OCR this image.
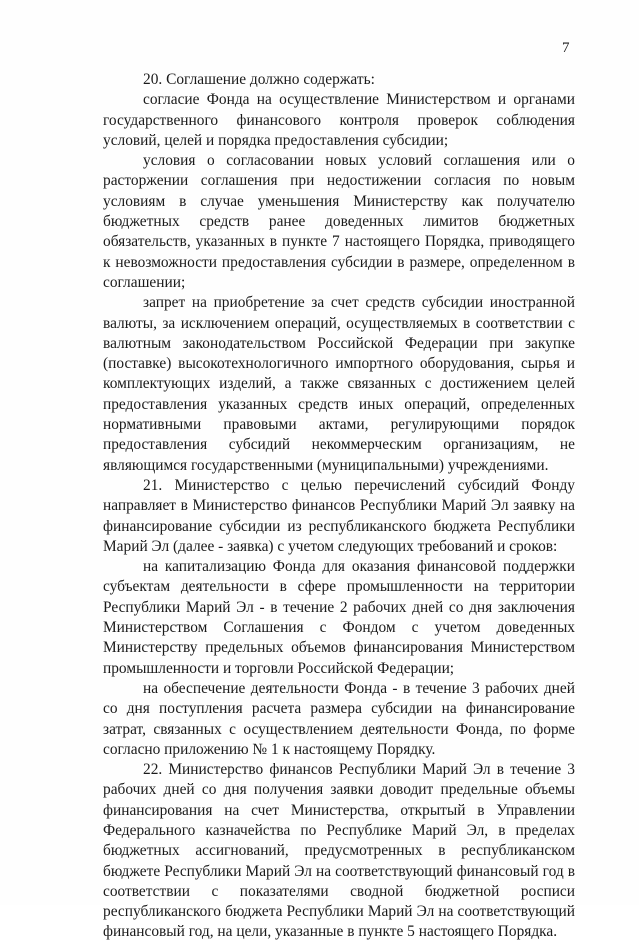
7

20. Соглашение должно содержать:

согласие Фонда на осуществление Министерством и органами государственного финансового контроля проверок соблюдения условий, целей и порядка предоставления субсидии;

условия о согласовании новых условий соглашения или о расторжении соглашения при недостижении согласия по новым условиям в случае уменьшения Министерству как получателю бюджетных средств ранее доведенных лимитов бюджетных обязательств, указанных в пункте 7 настоящего Порядка, приводящего к невозможности предоставления субсидии в размере, определенном в соглашении;

запрет на приобретение за счет средств субсидии иностранной валюты, за исключением операций, осуществляемых в соответствии с валютным законодательством Российской Федерации при закупке (поставке) высокотехнологичного импортного оборудования, сырья и комплектующих изделий, а также связанных с достижением целей предоставления указанных средств иных операций, определенных нормативными правовыми актами, регулирующими порядок предоставления субсидий некоммерческим организациям, не являющимся государственными (муниципальными) учреждениями.

21. Министерство с целью перечислений субсидий Фонду направляет в Министерство финансов Республики Марий Эл заявку на финансирование субсидии из республиканского бюджета Республики Марий Эл (далее - заявка) с учетом следующих требований и сроков:

на капитализацию Фонда для оказания финансовой поддержки субъектам деятельности в сфере промышленности на территории Республики Марий Эл - в течение 2 рабочих дней со дня заключения Министерством Соглашения с Фондом с учетом доведенных Министерству предельных объемов финансирования Министерством промышленности и торговли Российской Федерации;

на обеспечение деятельности Фонда - в течение 3 рабочих дней со дня поступления расчета размера субсидии на финансирование затрат, связанных с осуществлением деятельности Фонда, по форме согласно приложению № 1 к настоящему Порядку.

22. Министерство финансов Республики Марий Эл в течение 3 рабочих дней со дня получения заявки доводит предельные объемы финансирования на счет Министерства, открытый в Управлении Федерального казначейства по Республике Марий Эл, в пределах бюджетных ассигнований, предусмотренных в республиканском бюджете Республики Марий Эл на соответствующий финансовый год в соответствии с показателями сводной бюджетной росписи республиканского бюджета Республики Марий Эл на соответствующий финансовый год, на цели, указанные в пункте 5 настоящего Порядка.
